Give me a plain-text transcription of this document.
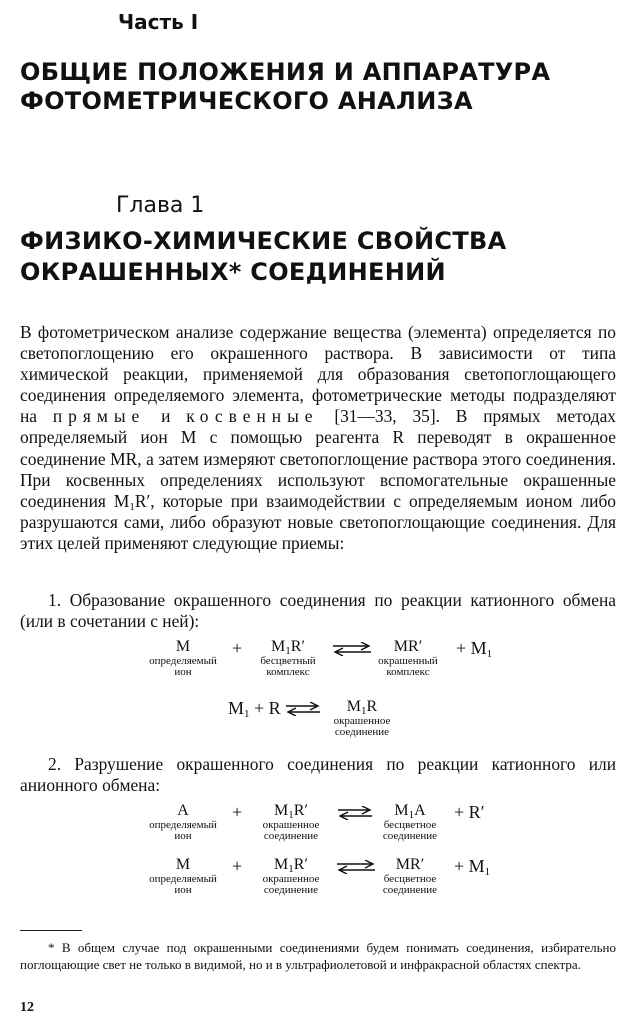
Часть I
ОБЩИЕ ПОЛОЖЕНИЯ И АППАРАТУРА
ФОТОМЕТРИЧЕСКОГО АНАЛИЗА
Глава 1
ФИЗИКО-ХИМИЧЕСКИЕ СВОЙСТВА
ОКРАШЕННЫХ* СОЕДИНЕНИЙ
В фотометрическом анализе содержание вещества (элемента) определяется по светопоглощению его окрашенного раствора. В зависимости от типа химической реакции, применяемой для образования светопоглощающего соединения определяемого элемента, фотометрические методы подразделяют на прямые и косвенные [31—33, 35]. В прямых методах определяемый ион M с помощью реагента R переводят в окрашенное соединение MR, а затем измеряют светопоглощение раствора этого соединения. При косвенных определениях используют вспомогательные окрашенные соединения $M_1R'$, которые при взаимодействии с определяемым ионом либо разрушаются сами, либо образуют новые светопоглощающие соединения. Для этих целей применяют следующие приемы:
1. Образование окрашенного соединения по реакции катионного обмена (или в сочетании с ней):
M
определяемый
ион
+	$M_1R'$
бесцветный
комплекс
MR′
окрашенный
комплекс
+ $M_1$
$M_1 + R$	$M_1R$
окрашенное
соединение
2. Разрушение окрашенного соединения по реакции катионного или анионного обмена:
A
определяемый
ион
+	$M_1R'$
окрашенное
соединение
$M_1A$
бесцветное
соединение
+ R′
M
определяемый
ион
+	$M_1R'$
окрашенное
соединение
MR′
бесцветное
соединение
+ $M_1$
* В общем случае под окрашенными соединениями будем понимать соединения, избирательно поглощающие свет не только в видимой, но и в ультрафиолетовой и инфракрасной областях спектра.
12
